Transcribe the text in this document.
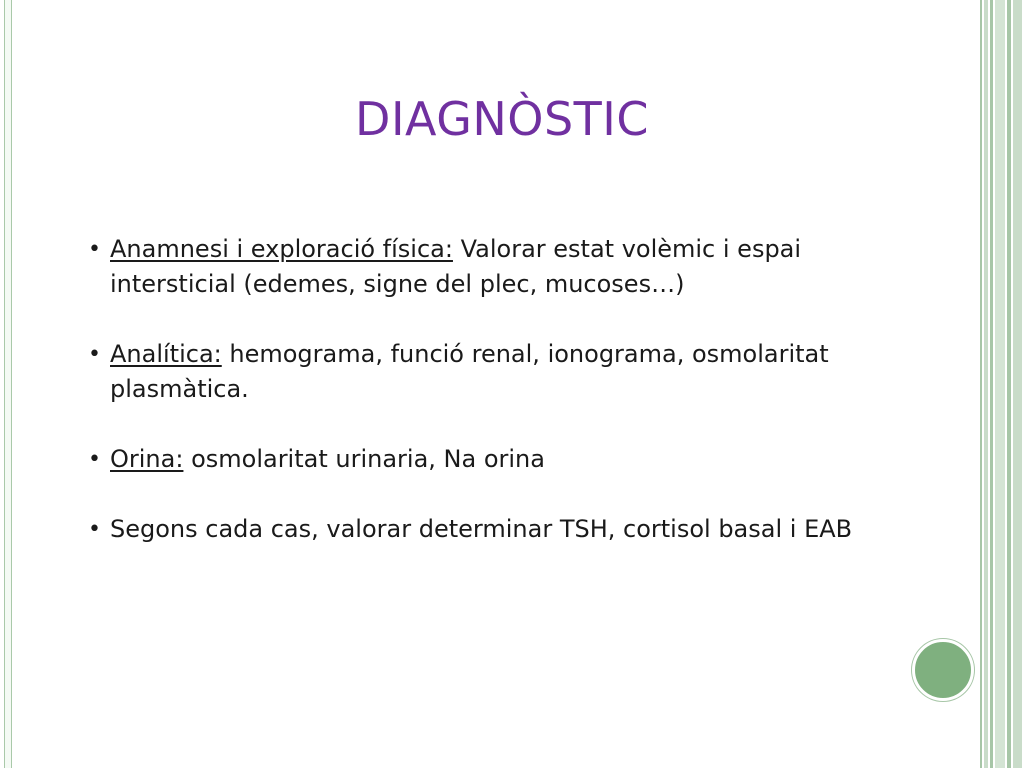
DIAGNÒSTIC
• Anamnesi i exploració física: Valorar estat volèmic i espai intersticial (edemes, signe del plec, mucoses…)
• Analítica: hemograma, funció renal, ionograma, osmolaritat plasmàtica.
• Orina: osmolaritat urinaria, Na orina
• Segons cada cas, valorar determinar TSH, cortisol basal i EAB
